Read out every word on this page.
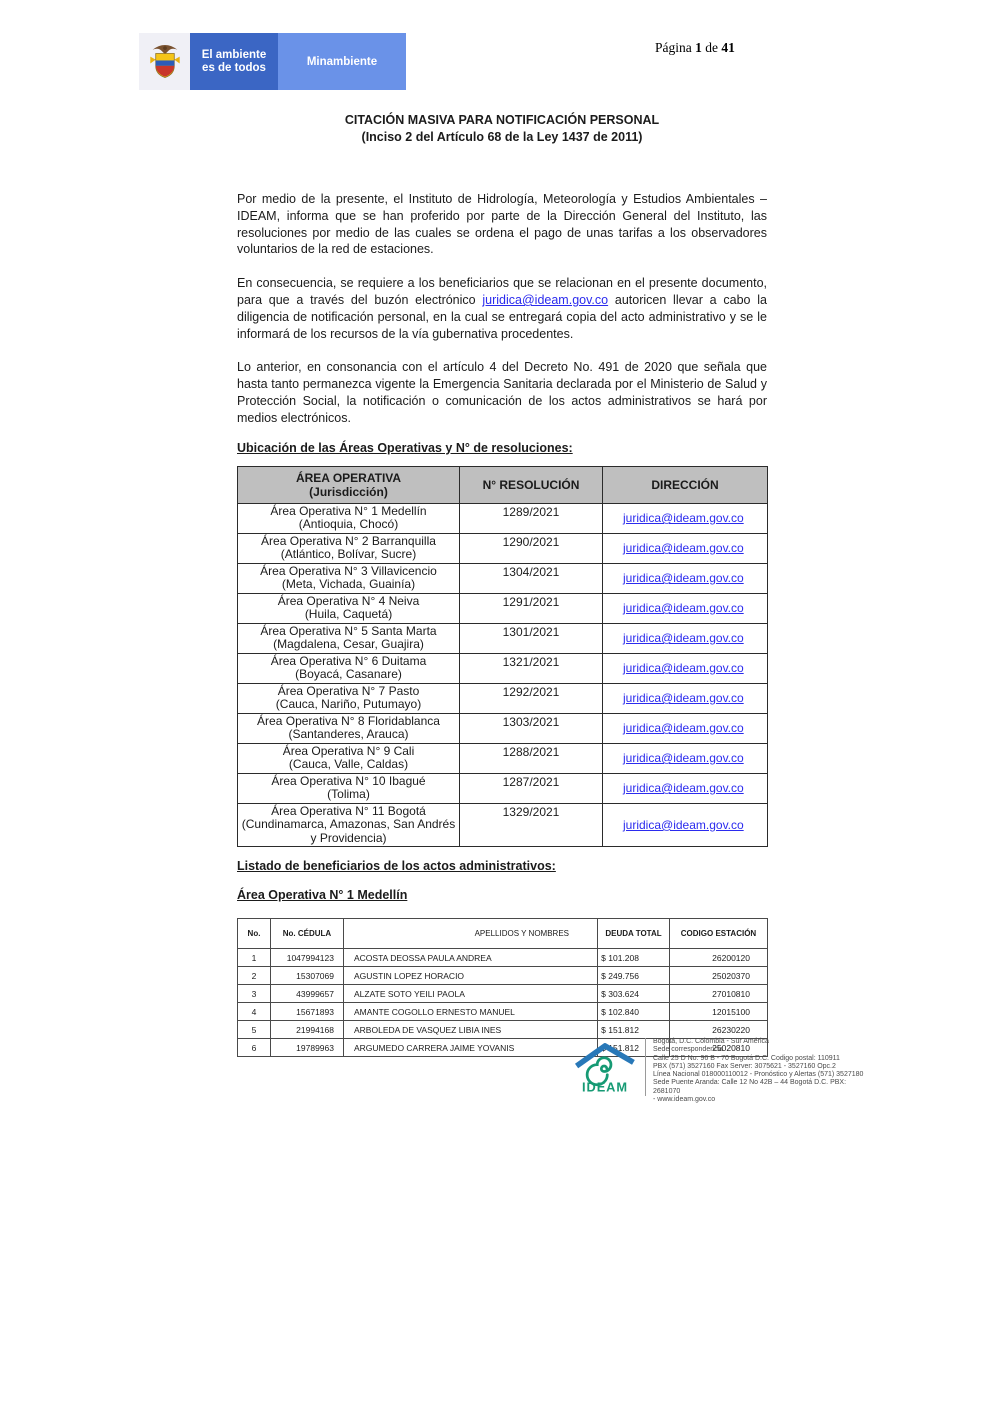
El ambiente
es de todos	Minambiente
Página 1 de 41
CITACIÓN MASIVA PARA NOTIFICACIÓN PERSONAL
(Inciso 2 del Artículo 68 de la Ley 1437 de 2011)

Por medio de la presente, el Instituto de Hidrología, Meteorología y Estudios Ambientales – IDEAM, informa que se han proferido por parte de la Dirección General del Instituto, las resoluciones por medio de las cuales se ordena el pago de unas tarifas a los observadores voluntarios de la red de estaciones.

En consecuencia, se requiere a los beneficiarios que se relacionan en el presente documento, para que a través del buzón electrónico juridica@ideam.gov.co autoricen llevar a cabo la diligencia de notificación personal, en la cual se entregará copia del acto administrativo y se le informará de los recursos de la vía gubernativa procedentes.

Lo anterior, en consonancia con el artículo 4 del Decreto No. 491 de 2020 que señala que hasta tanto permanezca vigente la Emergencia Sanitaria declarada por el Ministerio de Salud y Protección Social, la notificación o comunicación de los actos administrativos se hará por medios electrónicos.

Ubicación de las Áreas Operativas y N° de resoluciones:
ÁREA OPERATIVA
(Jurisdicción)	N° RESOLUCIÓN	DIRECCIÓN

Área Operativa N° 1 Medellín
(Antioquia, Chocó)	1289/2021	juridica@ideam.gov.co

Área Operativa N° 2 Barranquilla
(Atlántico, Bolívar, Sucre)	1290/2021	juridica@ideam.gov.co

Área Operativa N° 3 Villavicencio
(Meta, Vichada, Guainía)	1304/2021	juridica@ideam.gov.co

Área Operativa N° 4 Neiva
(Huila, Caquetá)	1291/2021	juridica@ideam.gov.co

Área Operativa N° 5 Santa Marta
(Magdalena, Cesar, Guajira)	1301/2021	juridica@ideam.gov.co

Área Operativa N° 6 Duitama
(Boyacá, Casanare)	1321/2021	juridica@ideam.gov.co

Área Operativa N° 7 Pasto
(Cauca, Nariño, Putumayo)	1292/2021	juridica@ideam.gov.co

Área Operativa N° 8 Floridablanca
(Santanderes, Arauca)	1303/2021	juridica@ideam.gov.co

Área Operativa N° 9 Cali
(Cauca, Valle, Caldas)	1288/2021	juridica@ideam.gov.co

Área Operativa N° 10 Ibagué
(Tolima)	1287/2021	juridica@ideam.gov.co

Área Operativa N° 11 Bogotá
(Cundinamarca, Amazonas, San Andrés y Providencia)	1329/2021	juridica@ideam.gov.co
Listado de beneficiarios de los actos administrativos:
Área Operativa N° 1 Medellín
No.	No. CÉDULA	APELLIDOS Y NOMBRES	DEUDA TOTAL	CODIGO ESTACIÓN
1	1047994123	ACOSTA DEOSSA PAULA ANDREA	$ 101.208	26200120
2	15307069	AGUSTIN LOPEZ HORACIO	$ 249.756	25020370
3	43999657	ALZATE SOTO YEILI PAOLA	$ 303.624	27010810
4	15671893	AMANTE COGOLLO ERNESTO MANUEL	$ 102.840	12015100
5	21994168	ARBOLEDA DE VASQUEZ LIBIA INES	$ 151.812	26230220
6	19789963	ARGUMEDO CARRERA JAIME YOVANIS	$ 151.812	25020810
IDEAM
Bogotá, D.C. Colombia - Sur América
Sede correspondencia
Calle 25 D No. 96 B - 70 Bogotá D.C. Codigo postal: 110911
PBX (571) 3527160 Fax Server: 3075621 - 3527160 Opc.2
Línea Nacional 018000110012 - Pronóstico y Alertas (571) 3527180
Sede Puente Aranda: Calle 12 No 42B – 44 Bogotá D.C. PBX: 2681070
- www.ideam.gov.co
